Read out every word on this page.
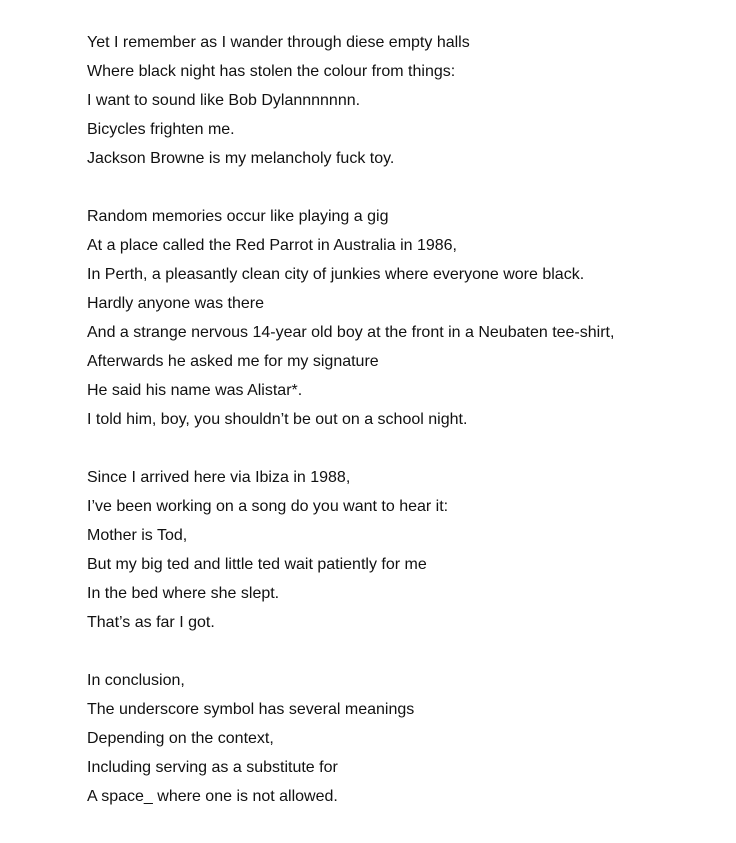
Yet I remember as I wander through diese empty halls
Where black night has stolen the colour from things:
I want to sound like Bob Dylannnnnnn.
Bicycles frighten me.
Jackson Browne is my melancholy fuck toy.
Random memories occur like playing a gig
At a place called the Red Parrot in Australia in 1986,
In Perth, a pleasantly clean city of junkies where everyone wore black.
Hardly anyone was there
And a strange nervous 14-year old boy at the front in a Neubaten tee-shirt,
Afterwards he asked me for my signature
He said his name was Alistar*.
I told him, boy, you shouldn’t be out on a school night.
Since I arrived here via Ibiza in 1988,
I’ve been working on a song do you want to hear it:
Mother is Tod,
But my big ted and little ted wait patiently for me
In the bed where she slept.
That’s as far I got.
In conclusion,
The underscore symbol has several meanings
Depending on the context,
Including serving as a substitute for
A space_ where one is not allowed.
